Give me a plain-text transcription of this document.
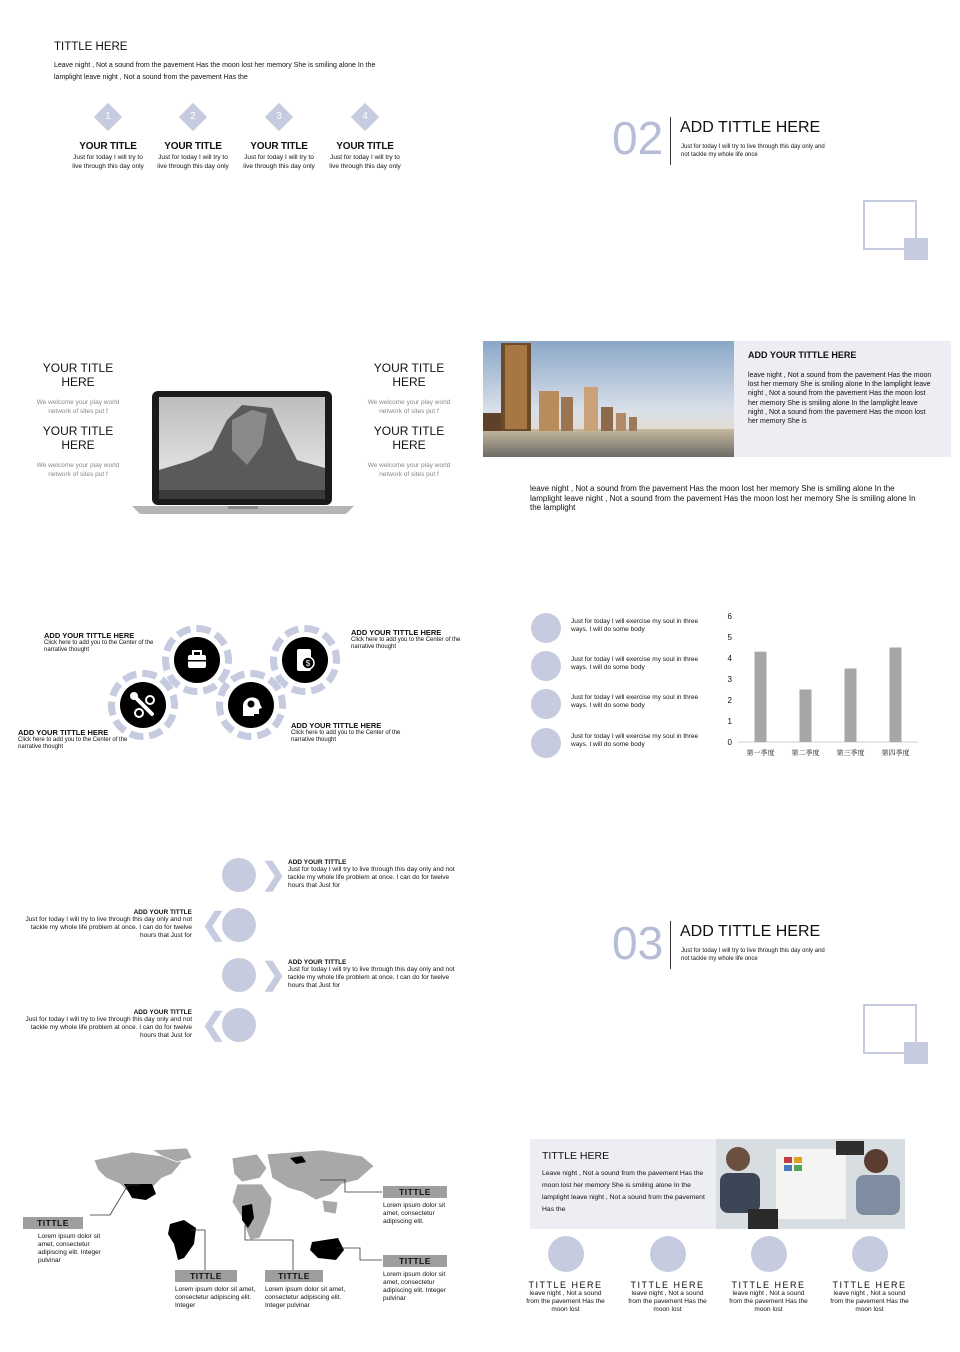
TITTLE HERE
Leave night , Not a sound from the pavement Has the moon lost her memory She is smiling alone In the lamplight leave night , Not a sound from the pavement Has the
1
YOUR TITLE
Just for today I will try to live through this day only
2
YOUR TITLE
Just for today I will try to live through this day only
3
YOUR TITLE
Just for today I will try to live through this day only
4
YOUR TITLE
Just for today I will try to live through this day only
02 ADD TITTLE HERE
Just for today I will try to live through this day only and not tackle my whole life once
YOUR TITLE HERE
We welcome your play world network of sites put f
YOUR TITLE HERE
We welcome your play world network of sites put f
YOUR TITLE HERE
We welcome your play world network of sites put f
YOUR TITLE HERE
We welcome your play world network of sites put f
ADD YOUR TITTLE HERE
leave night , Not a sound from the pavement Has the moon lost her memory She is smiling alone In the lamplight leave night , Not a sound from the pavement Has the moon lost her memory She is smiling alone In the lamplight leave night , Not a sound from the pavement Has the moon lost her memory She is
leave night , Not a sound from the pavement Has the moon lost her memory She is smiling alone In the lamplight leave night , Not a sound from the pavement Has the moon lost her memory She is smiling alone In the lamplight
$
ADD YOUR TITTLE HERE
Click here to add you to the Center of the narrative thought
ADD YOUR TITTLE HERE
Click here to add you to the Center of the narrative thought
ADD YOUR TITTLE HERE
Click here to add you to the Center of the narrative thought
ADD YOUR TITTLE HERE
Click here to add you to the Center of the narrative thought
Just for today I will exercise my soul in three ways. I will do some body
Just for today I will exercise my soul in three ways. I will do some body
Just for today I will exercise my soul in three ways. I will do some body
Just for today I will exercise my soul in three ways. I will do some body	0
1
2
3
4
5
6
第一季度 第二季度 第三季度 第四季度
❯
❮
❯
❮
ADD YOUR TITTLE
Just for today I will try to live through this day only and not tackle my whole life problem at once. I can do for twelve hours that Just for
ADD YOUR TITTLE
Just for today I will try to live through this day only and not tackle my whole life problem at once. I can do for twelve hours that Just for
ADD YOUR TITTLE
Just for today I will try to live through this day only and not tackle my whole life problem at once. I can do for twelve hours that Just for
ADD YOUR TITTLE
Just for today I will try to live through this day only and not tackle my whole life problem at once. I can do for twelve hours that Just for
03 ADD TITTLE HERE
Just for today I will try to live through this day only and not tackle my whole life once
TITTLE
Lorem ipsum dolor sit amet, consectetur adipiscing elit. Integer pulvinar
TITTLE
Lorem ipsum dolor sit amet, consectetur adipiscing elit. Integer
TITTLE
Lorem ipsum dolor sit amet, consectetur adipiscing elit. Integer pulvinar
TITTLE
Lorem ipsum dolor sit amet, consectetur adipiscing elit.
TITTLE
Lorem ipsum dolor sit amet, consectetur adipiscing elit. Integer pulvinar
TITTLE HERE
Leave night , Not a sound from the pavement Has the moon lost her memory She is smiling alone In the lamplight leave night , Not a sound from the pavement Has the
TITTLE HERE
leave night , Not a sound from the pavement Has the moon lost
TITTLE HERE
leave night , Not a sound from the pavement Has the moon lost
TITTLE HERE
leave night , Not a sound from the pavement Has the moon lost
TITTLE HERE
leave night , Not a sound from the pavement Has the moon lost
